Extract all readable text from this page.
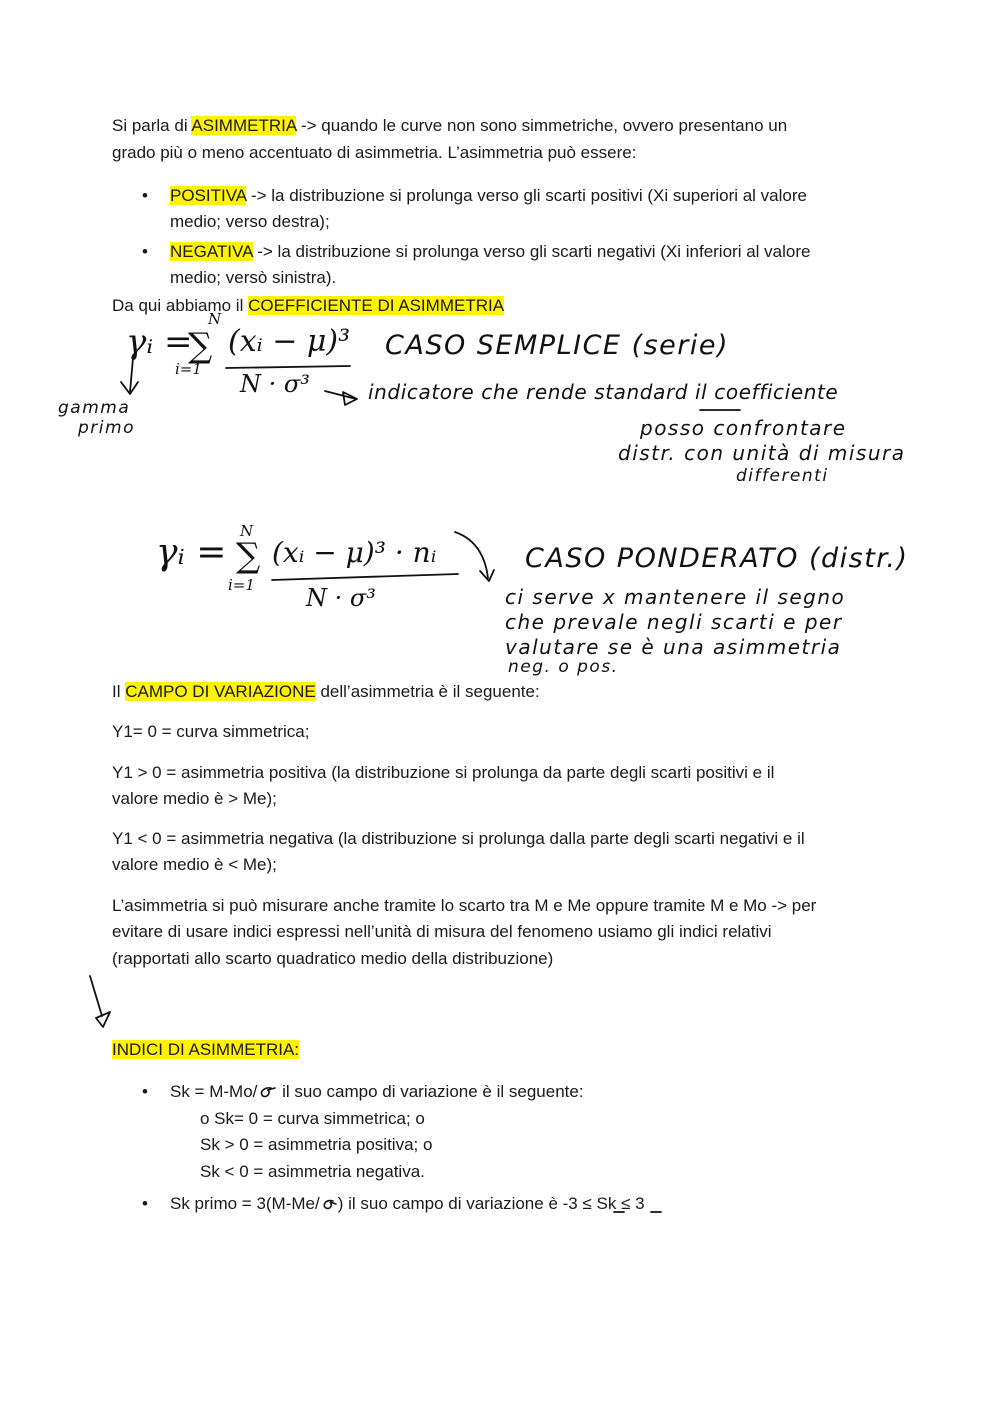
Si parla di ASIMMETRIA -> quando le curve non sono simmetriche, ovvero presentano un
grado più o meno accentuato di asimmetria. L’asimmetria può essere:
• POSITIVA -> la distribuzione si prolunga verso gli scarti positivi (Xi superiori al valore
medio; verso destra);
• NEGATIVA -> la distribuzione si prolunga verso gli scarti negativi (Xi inferiori al valore
medio; versò sinistra).
Da qui abbiamo il COEFFICIENTE DI ASIMMETRIA
γᵢ =
∑
N
i=1
(xᵢ − μ)³
N · σ³
CASO SEMPLICE (serie)
gamma
primo
indicatore che rende standard il coefficiente
posso confrontare
distr. con unità di misura
differenti
γᵢ = ∑
N
i=1
(xᵢ − μ)³ · nᵢ
N · σ³
CASO PONDERATO (distr.)
ci serve x mantenere il segno
che prevale negli scarti e per
valutare se è una asimmetria
neg. o pos.
Il CAMPO DI VARIAZIONE dell’asimmetria è il seguente:
Y1= 0 = curva simmetrica;
Y1 > 0 = asimmetria positiva (la distribuzione si prolunga da parte degli scarti positivi e il
valore medio è > Me);
Y1 < 0 = asimmetria negativa (la distribuzione si prolunga dalla parte degli scarti negativi e il
valore medio è < Me);
L’asimmetria si può misurare anche tramite lo scarto tra M e Me oppure tramite M e Mo -> per
evitare di usare indici espressi nell’unità di misura del fenomeno usiamo gli indici relativi
(rapportati allo scarto quadratico medio della distribuzione)
INDICI DI ASIMMETRIA:
• Sk = M-Mo/ il suo campo di variazione è il seguente:
o Sk= 0 = curva simmetrica; o
Sk > 0 = asimmetria positiva; o
Sk < 0 = asimmetria negativa.
• Sk primo = 3(M-Me/ ) il suo campo di variazione è -3 ≤ Sk ≤ 3
